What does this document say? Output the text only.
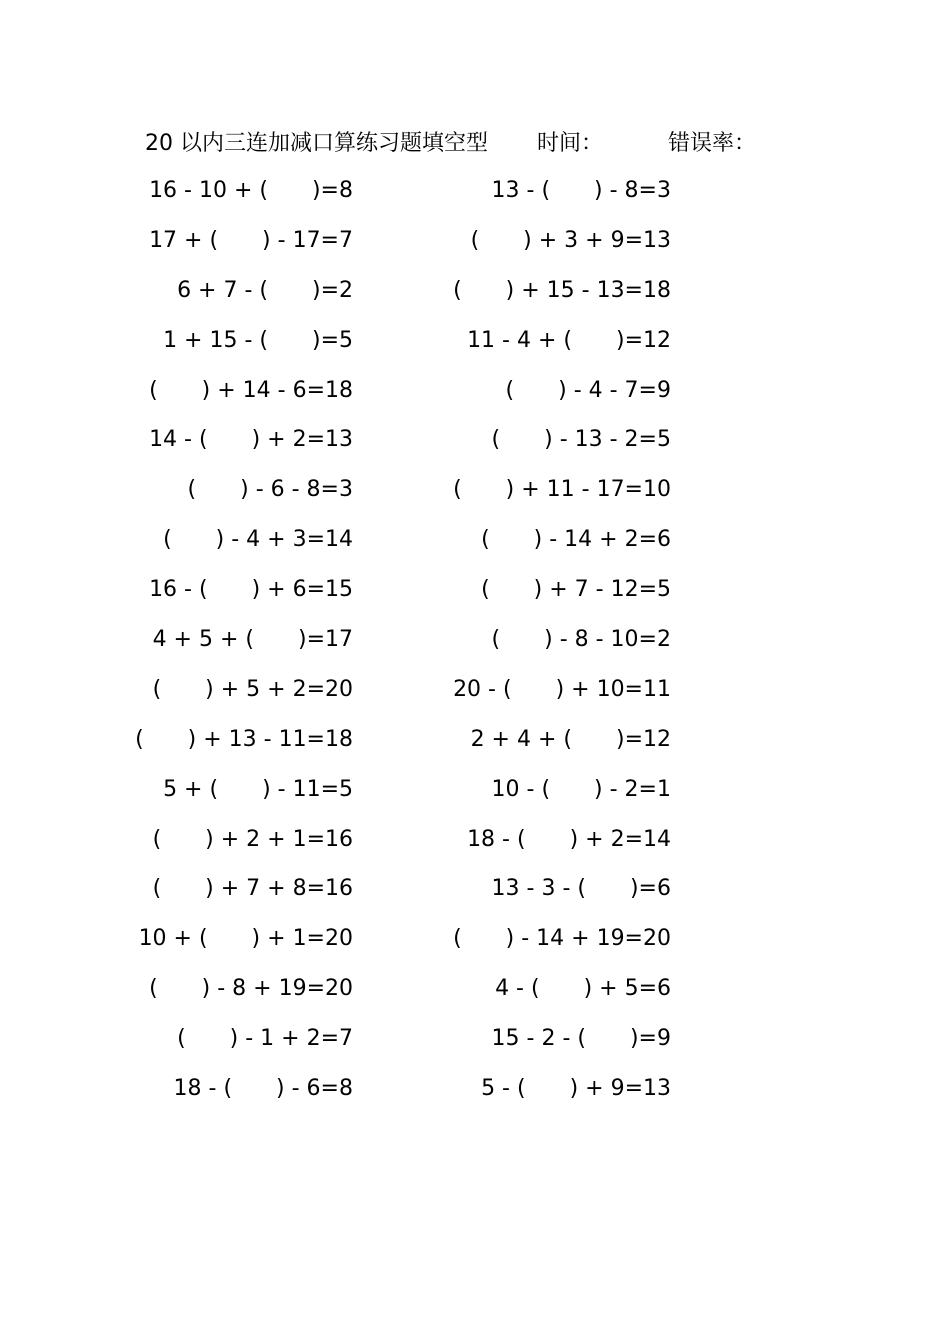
20 以内三连加减口算练习题填空型 时间：	错误率：
16 - 10 + (　　)=8	13 - (　　) - 8=3
17 + (　　) - 17=7	(　　) + 3 + 9=13
6 + 7 - (　　)=2	(　　) + 15 - 13=18
1 + 15 - (　　)=5	11 - 4 + (　　)=12
(　　) + 14 - 6=18	(　　) - 4 - 7=9
14 - (　　) + 2=13	(　　) - 13 - 2=5
(　　) - 6 - 8=3	(　　) + 11 - 17=10
(　　) - 4 + 3=14	(　　) - 14 + 2=6
16 - (　　) + 6=15	(　　) + 7 - 12=5
4 + 5 + (　　)=17	(　　) - 8 - 10=2
(　　) + 5 + 2=20	20 - (　　) + 10=11
(　　) + 13 - 11=18	2 + 4 + (　　)=12
5 + (　　) - 11=5	10 - (　　) - 2=1
(　　) + 2 + 1=16	18 - (　　) + 2=14
(　　) + 7 + 8=16	13 - 3 - (　　)=6
10 + (　　) + 1=20	(　　) - 14 + 19=20
(　　) - 8 + 19=20	4 - (　　) + 5=6
(　　) - 1 + 2=7	15 - 2 - (　　)=9
18 - (　　) - 6=8	5 - (　　) + 9=13
